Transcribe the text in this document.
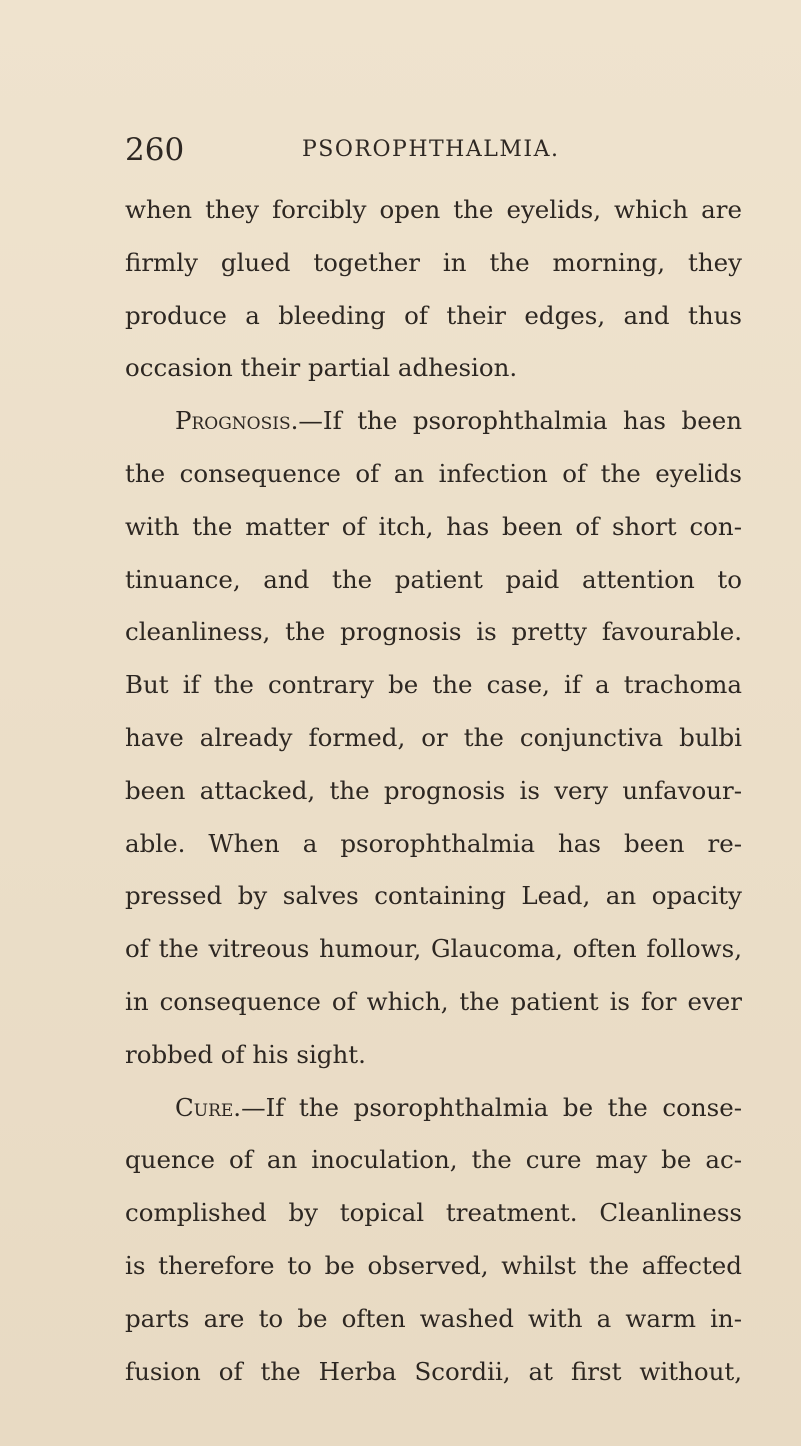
260	PSOROPHTHALMIA.
when they forcibly open the eyelids, which are
firmly glued together in the morning, they
produce a bleeding of their edges, and thus
occasion their partial adhesion.
Prognosis.—If the psorophthalmia has been
the consequence of an infection of the eyelids
with the matter of itch, has been of short con-
tinuance, and the patient paid attention to
cleanliness, the prognosis is pretty favourable.
But if the contrary be the case, if a trachoma
have already formed, or the conjunctiva bulbi
been attacked, the prognosis is very unfavour-
able. When a psorophthalmia has been re-
pressed by salves containing Lead, an opacity
of the vitreous humour, Glaucoma, often follows,
in consequence of which, the patient is for ever
robbed of his sight.
Cure.—If the psorophthalmia be the conse-
quence of an inoculation, the cure may be ac-
complished by topical treatment. Cleanliness
is therefore to be observed, whilst the affected
parts are to be often washed with a warm in-
fusion of the Herba Scordii, at first without,
